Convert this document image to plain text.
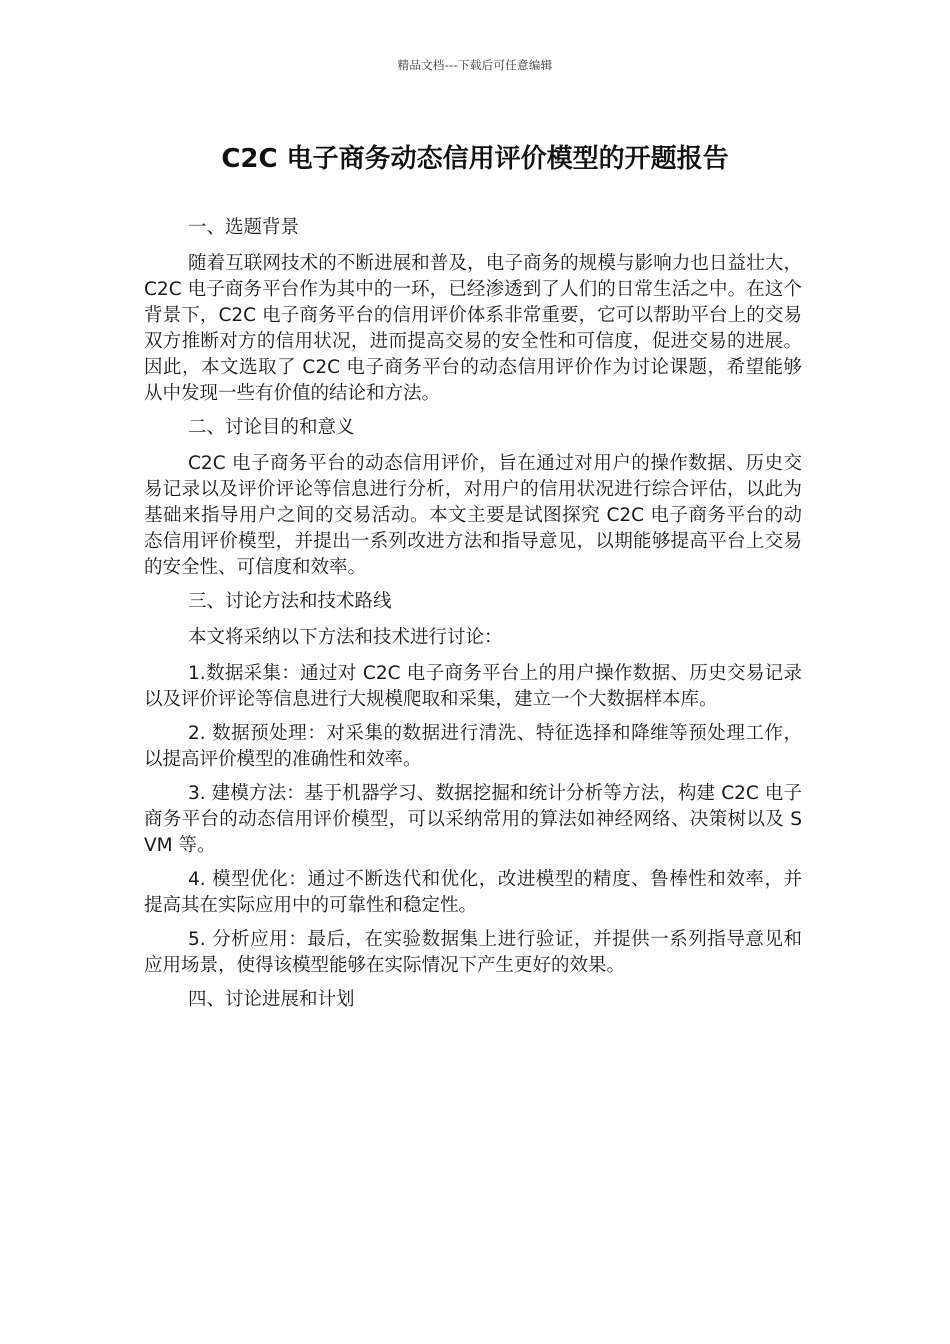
精品文档---下载后可任意编辑
C2C 电子商务动态信用评价模型的开题报告

一、选题背景

随着互联网技术的不断进展和普及，电子商务的规模与影响力也日益壮大，C2C 电子商务平台作为其中的一环，已经渗透到了人们的日常生活之中。在这个背景下，C2C 电子商务平台的信用评价体系非常重要，它可以帮助平台上的交易双方推断对方的信用状况，进而提高交易的安全性和可信度，促进交易的进展。因此，本文选取了 C2C 电子商务平台的动态信用评价作为讨论课题，希望能够从中发现一些有价值的结论和方法。

二、讨论目的和意义

C2C 电子商务平台的动态信用评价，旨在通过对用户的操作数据、历史交易记录以及评价评论等信息进行分析，对用户的信用状况进行综合评估，以此为基础来指导用户之间的交易活动。本文主要是试图探究 C2C 电子商务平台的动态信用评价模型，并提出一系列改进方法和指导意见，以期能够提高平台上交易的安全性、可信度和效率。

三、讨论方法和技术路线

本文将采纳以下方法和技术进行讨论：

1.数据采集：通过对 C2C 电子商务平台上的用户操作数据、历史交易记录以及评价评论等信息进行大规模爬取和采集，建立一个大数据样本库。

2. 数据预处理：对采集的数据进行清洗、特征选择和降维等预处理工作，以提高评价模型的准确性和效率。

3. 建模方法：基于机器学习、数据挖掘和统计分析等方法，构建 C2C 电子商务平台的动态信用评价模型，可以采纳常用的算法如神经网络、决策树以及 SVM 等。

4. 模型优化：通过不断迭代和优化，改进模型的精度、鲁棒性和效率，并提高其在实际应用中的可靠性和稳定性。

5. 分析应用：最后，在实验数据集上进行验证，并提供一系列指导意见和应用场景，使得该模型能够在实际情况下产生更好的效果。

四、讨论进展和计划
